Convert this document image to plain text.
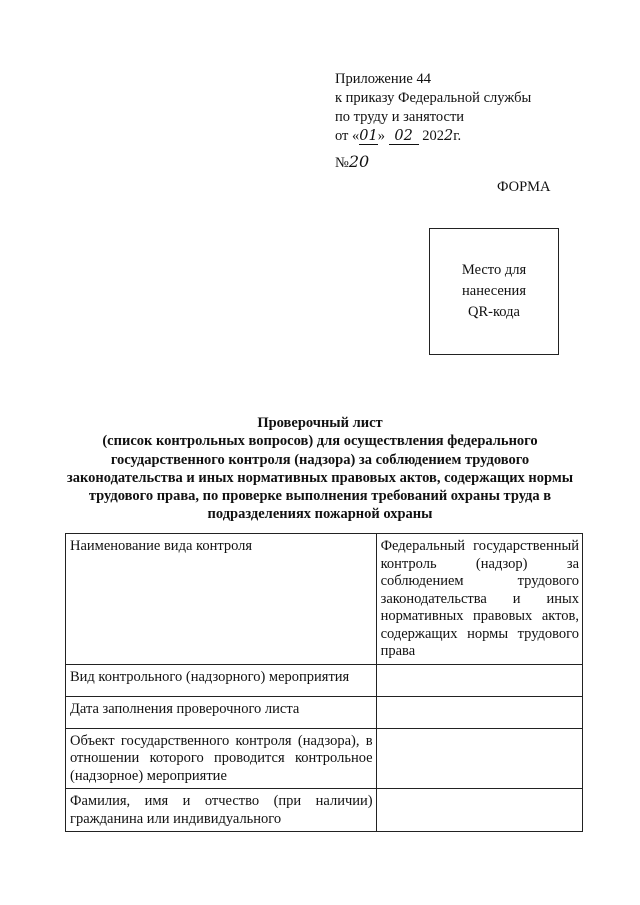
Приложение 44
к приказу Федеральной службы
по труду и занятости
от «01» 02 2022г.
№20
ФОРМА
Место для
нанесения
QR-кода
Проверочный лист
(список контрольных вопросов) для осуществления федерального
государственного контроля (надзора) за соблюдением трудового
законодательства и иных нормативных правовых актов, содержащих нормы
трудового права, по проверке выполнения требований охраны труда в
подразделениях пожарной охраны
Наименование вида контроля	Федеральный государственный контроль (надзор) за соблюдением трудового законодательства и иных нормативных правовых актов, содержащих нормы трудового права
Вид контрольного (надзорного) мероприятия	
Дата заполнения проверочного листа	
Объект государственного контроля (надзора), в отношении которого проводится контрольное (надзорное) мероприятие	
Фамилия, имя и отчество (при наличии) гражданина или индивидуального	
